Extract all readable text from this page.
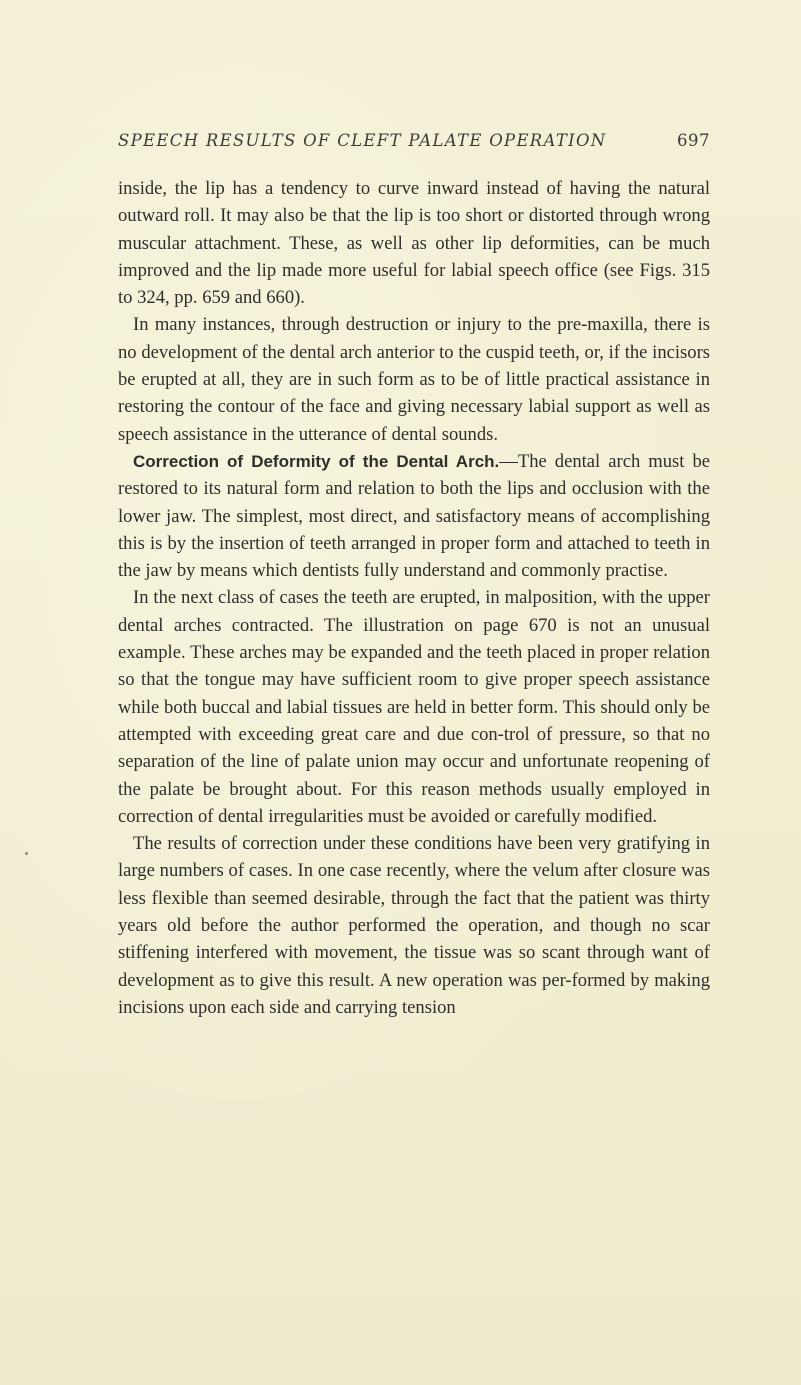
SPEECH RESULTS OF CLEFT PALATE OPERATION	697

inside, the lip has a tendency to curve inward instead of having the natural outward roll. It may also be that the lip is too short or distorted through wrong muscular attachment. These, as well as other lip deformities, can be much improved and the lip made more useful for labial speech office (see Figs. 315 to 324, pp. 659 and 660).

In many instances, through destruction or injury to the pre-maxilla, there is no development of the dental arch anterior to the cuspid teeth, or, if the incisors be erupted at all, they are in such form as to be of little practical assistance in restoring the contour of the face and giving necessary labial support as well as speech assistance in the utterance of dental sounds.

Correction of Deformity of the Dental Arch.—The dental arch must be restored to its natural form and relation to both the lips and occlusion with the lower jaw. The simplest, most direct, and satisfactory means of accomplishing this is by the insertion of teeth arranged in proper form and attached to teeth in the jaw by means which dentists fully understand and commonly practise.

In the next class of cases the teeth are erupted, in malposition, with the upper dental arches contracted. The illustration on page 670 is not an unusual example. These arches may be expanded and the teeth placed in proper relation so that the tongue may have sufficient room to give proper speech assistance while both buccal and labial tissues are held in better form. This should only be attempted with exceeding great care and due con-trol of pressure, so that no separation of the line of palate union may occur and unfortunate reopening of the palate be brought about. For this reason methods usually employed in correction of dental irregularities must be avoided or carefully modified.

The results of correction under these conditions have been very gratifying in large numbers of cases. In one case recently, where the velum after closure was less flexible than seemed desirable, through the fact that the patient was thirty years old before the author performed the operation, and though no scar stiffening interfered with movement, the tissue was so scant through want of development as to give this result. A new operation was per-formed by making incisions upon each side and carrying tension
